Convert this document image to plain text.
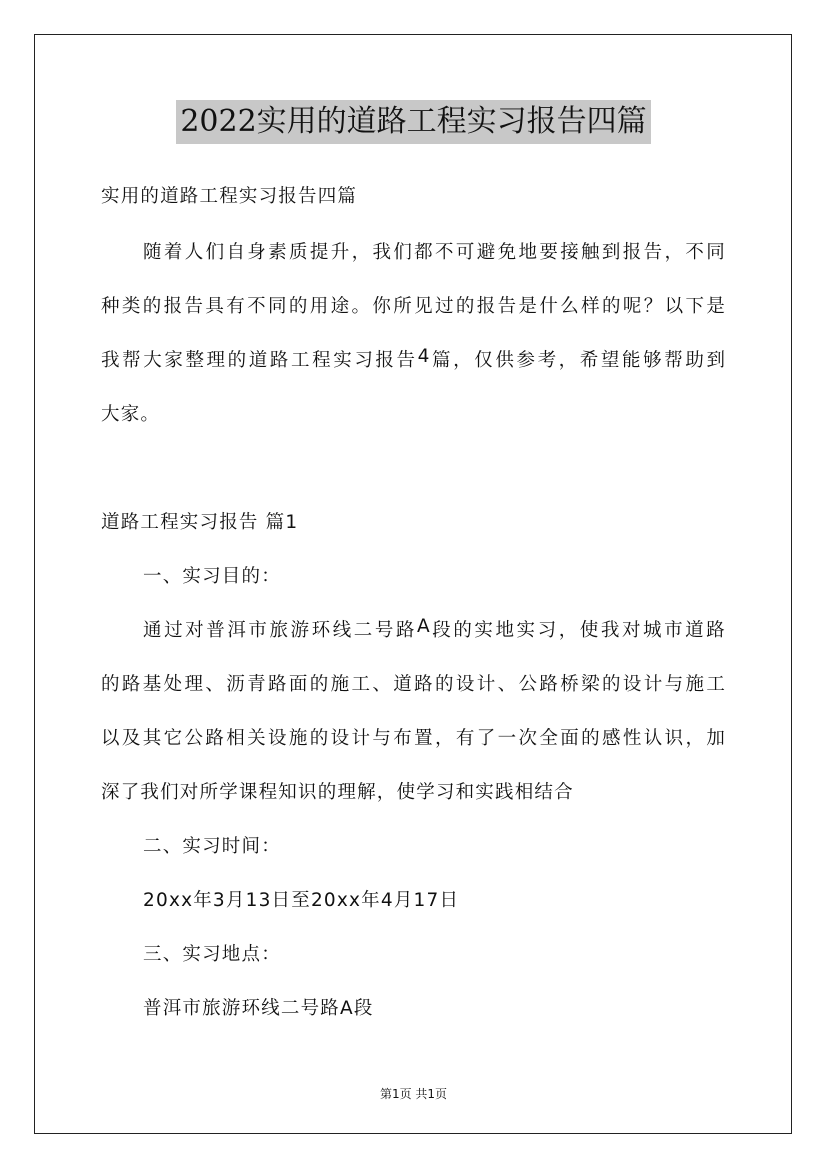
2022实用的道路工程实习报告四篇
实用的道路工程实习报告四篇
随 着 人 们 自 身 素 质 提 升 ， 我 们 都 不 可 避 免 地 要 接 触 到 报 告 ， 不 同
种 类 的 报 告 具 有 不 同 的 用 途 。 你 所 见 过 的 报 告 是 什 么 样 的 呢 ？ 以 下 是
我 帮 大 家 整 理 的 道 路 工 程 实 习 报 告 4 篇 ， 仅 供 参 考 ， 希 望 能 够 帮 助 到
大家。
道路工程实习报告 篇1
一、实习目的：
通 过 对 普 洱 市 旅 游 环 线 二 号 路 A 段 的 实 地 实 习 ， 使 我 对 城 市 道 路
的 路 基 处 理 、 沥 青 路 面 的 施 工 、 道 路 的 设 计 、 公 路 桥 梁 的 设 计 与 施 工
以 及 其 它 公 路 相 关 设 施 的 设 计 与 布 置 ， 有 了 一 次 全 面 的 感 性 认 识 ， 加
深了我们对所学课程知识的理解，使学习和实践相结合
二、实习时间：
20xx年3月13日至20xx年4月17日
三、实习地点：
普洱市旅游环线二号路A段
第1页 共1页
